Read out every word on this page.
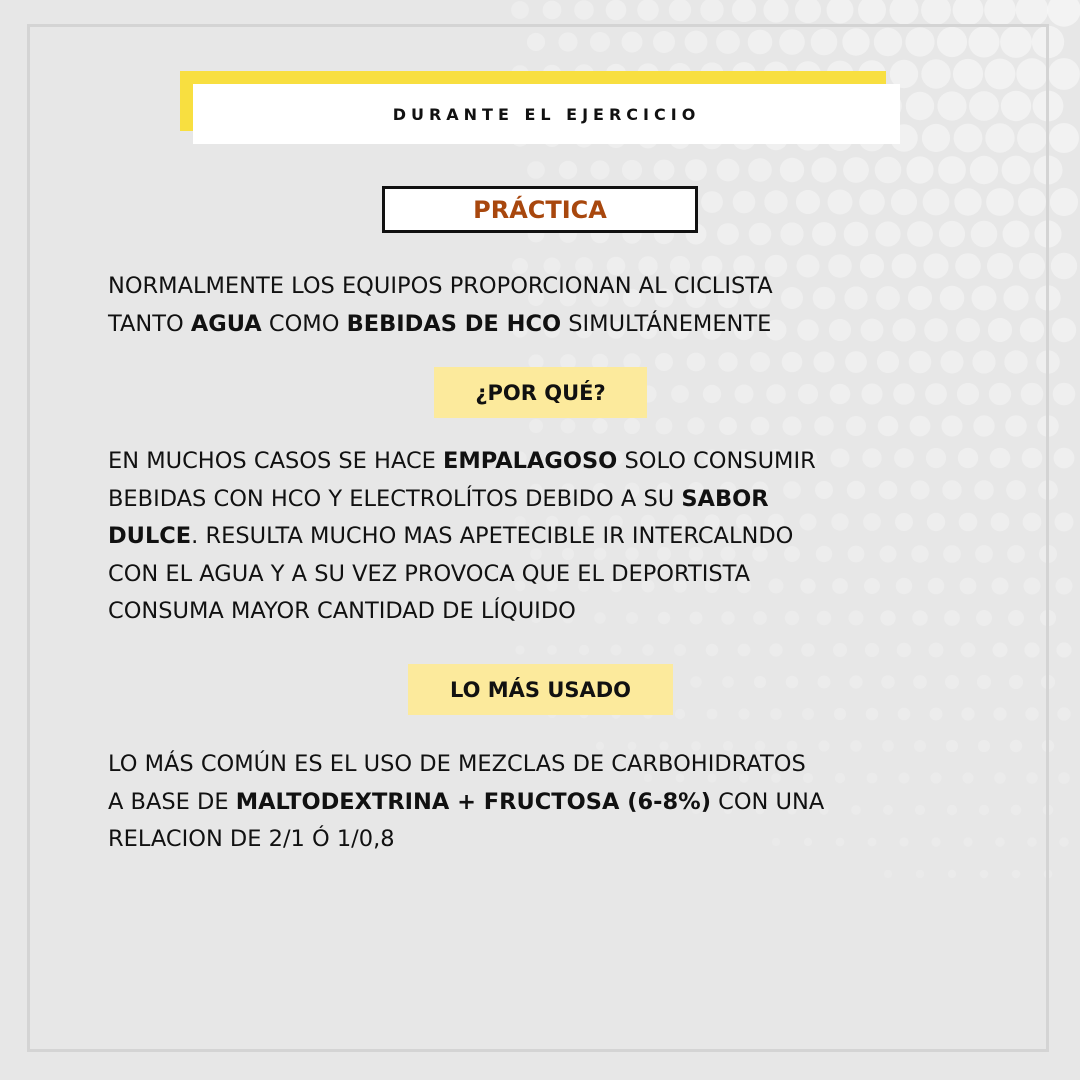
DURANTE EL EJERCICIO
PRÁCTICA

NORMALMENTE LOS EQUIPOS PROPORCIONAN AL CICLISTA
TANTO AGUA COMO BEBIDAS DE HCO SIMULTÁNEMENTE

¿POR QUÉ?

EN MUCHOS CASOS SE HACE EMPALAGOSO SOLO CONSUMIR
BEBIDAS CON HCO Y ELECTROLÍTOS DEBIDO A SU SABOR
DULCE. RESULTA MUCHO MAS APETECIBLE IR INTERCALNDO
CON EL AGUA Y A SU VEZ PROVOCA QUE EL DEPORTISTA
CONSUMA MAYOR CANTIDAD DE LÍQUIDO

LO MÁS USADO

LO MÁS COMÚN ES EL USO DE MEZCLAS DE CARBOHIDRATOS
A BASE DE MALTODEXTRINA + FRUCTOSA (6-8%) CON UNA
RELACION DE 2/1 Ó 1/0,8
